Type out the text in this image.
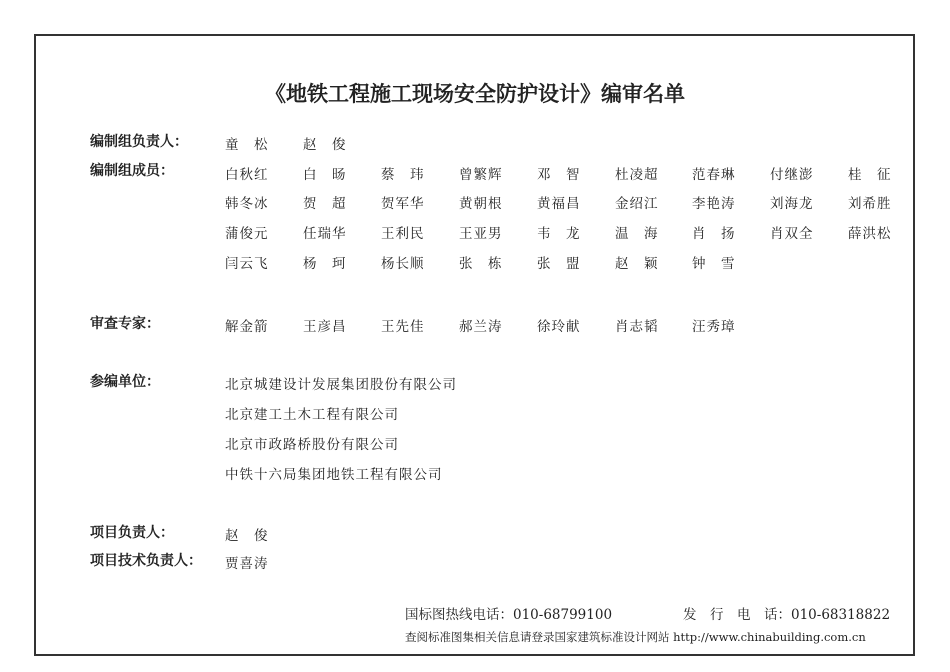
《地铁工程施工现场安全防护设计》编审名单
编制组负责人：	童　松	赵　俊
编制组成员：	白秋红	白　旸	蔡　玮	曾繁辉	邓　智	杜凌超 范春琳	付继澎	桂　征
韩冬冰	贺　超	贺军华	黄朝根	黄福昌	金绍江 李艳涛	刘海龙	刘希胜
蒲俊元	任瑞华	王利民	王亚男	韦　龙	温　海 肖　扬	肖双全	薛洪松
闫云飞	杨　珂	杨长顺	张　栋	张　盟	赵　颖 钟　雪
审查专家：	解金箭	王彦昌	王先佳	郝兰涛	徐玲献	肖志韬 汪秀璋
参编单位：	北京城建设计发展集团股份有限公司
北京建工土木工程有限公司
北京市政路桥股份有限公司
中铁十六局集团地铁工程有限公司
项目负责人：	赵　俊
项目技术负责人： 贾喜涛
国标图热线电话：010-68799100	发　行　电　话：010-68318822
查阅标准图集相关信息请登录国家建筑标准设计网站 http://www.chinabuilding.com.cn
